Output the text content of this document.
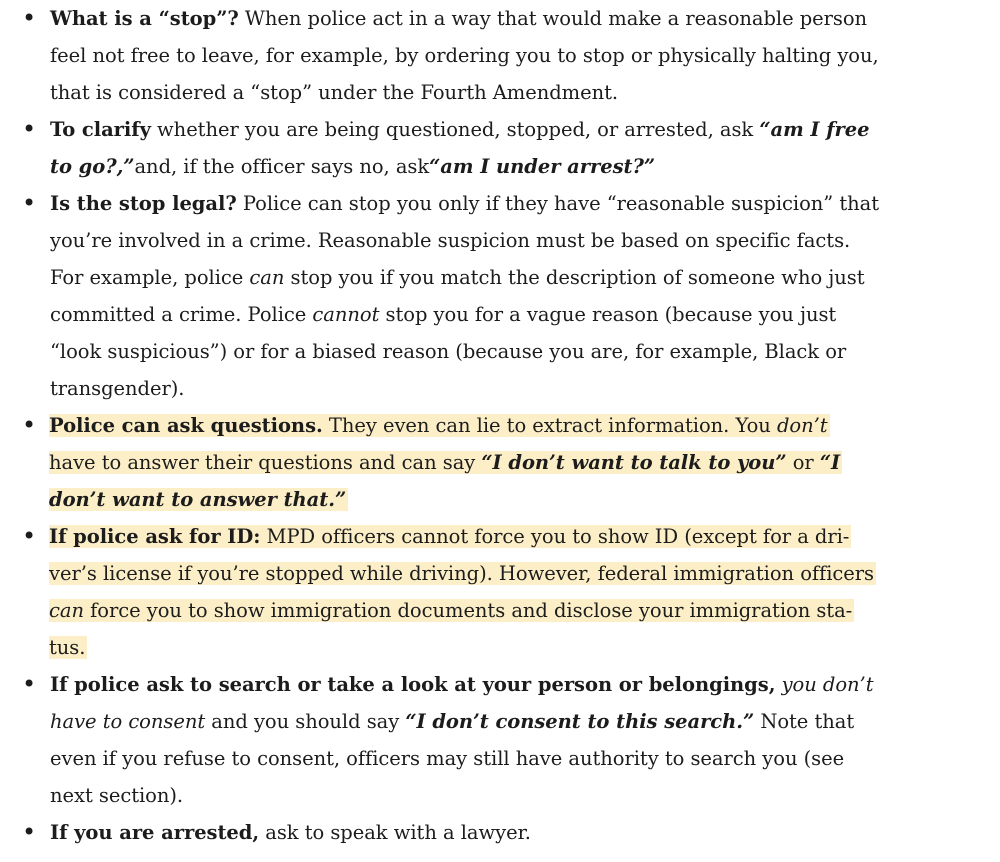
• What is a “stop”? When police act in a way that would make a reasonable person
feel not free to leave, for example, by ordering you to stop or physically halting you,
that is considered a “stop” under the Fourth Amendment.
• To clarify whether you are being questioned, stopped, or arrested, ask “am I free
to go?,”and, if the officer says no, ask“am I under arrest?”
• Is the stop legal? Police can stop you only if they have “reasonable suspicion” that
you’re involved in a crime. Reasonable suspicion must be based on specific facts.
For example, police can stop you if you match the description of someone who just
committed a crime. Police cannot stop you for a vague reason (because you just
“look suspicious”) or for a biased reason (because you are, for example, Black or
transgender).
• Police can ask questions. They even can lie to extract information. You don’t
have to answer their questions and can say “I don’t want to talk to you” or “I
don’t want to answer that.”
• If police ask for ID: MPD officers cannot force you to show ID (except for a dri-
ver’s license if you’re stopped while driving). However, federal immigration officers
can force you to show immigration documents and disclose your immigration sta-
tus.
• If police ask to search or take a look at your person or belongings, you don’t
have to consent and you should say “I don’t consent to this search.” Note that
even if you refuse to consent, officers may still have authority to search you (see
next section).
• If you are arrested, ask to speak with a lawyer.
